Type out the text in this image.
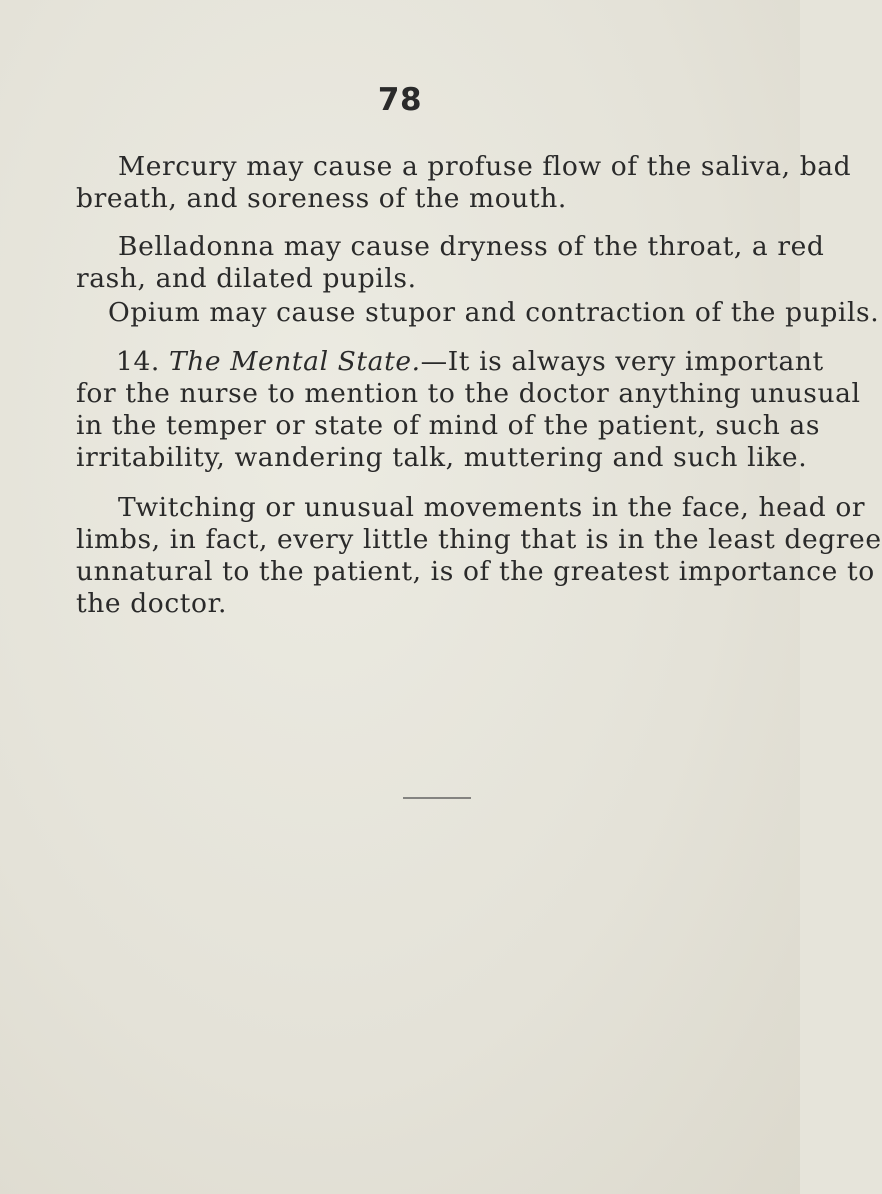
78
Mercury may cause a profuse flow of the saliva, bad
breath, and soreness of the mouth.
Belladonna may cause dryness of the throat, a red
rash, and dilated pupils.
Opium may cause stupor and contraction of the pupils.
14. The Mental State.—It is always very important
for the nurse to mention to the doctor anything unusual
in the temper or state of mind of the patient, such as
irritability, wandering talk, muttering and such like.
Twitching or unusual movements in the face, head or
limbs, in fact, every little thing that is in the least degree
unnatural to the patient, is of the greatest importance to
the doctor.
